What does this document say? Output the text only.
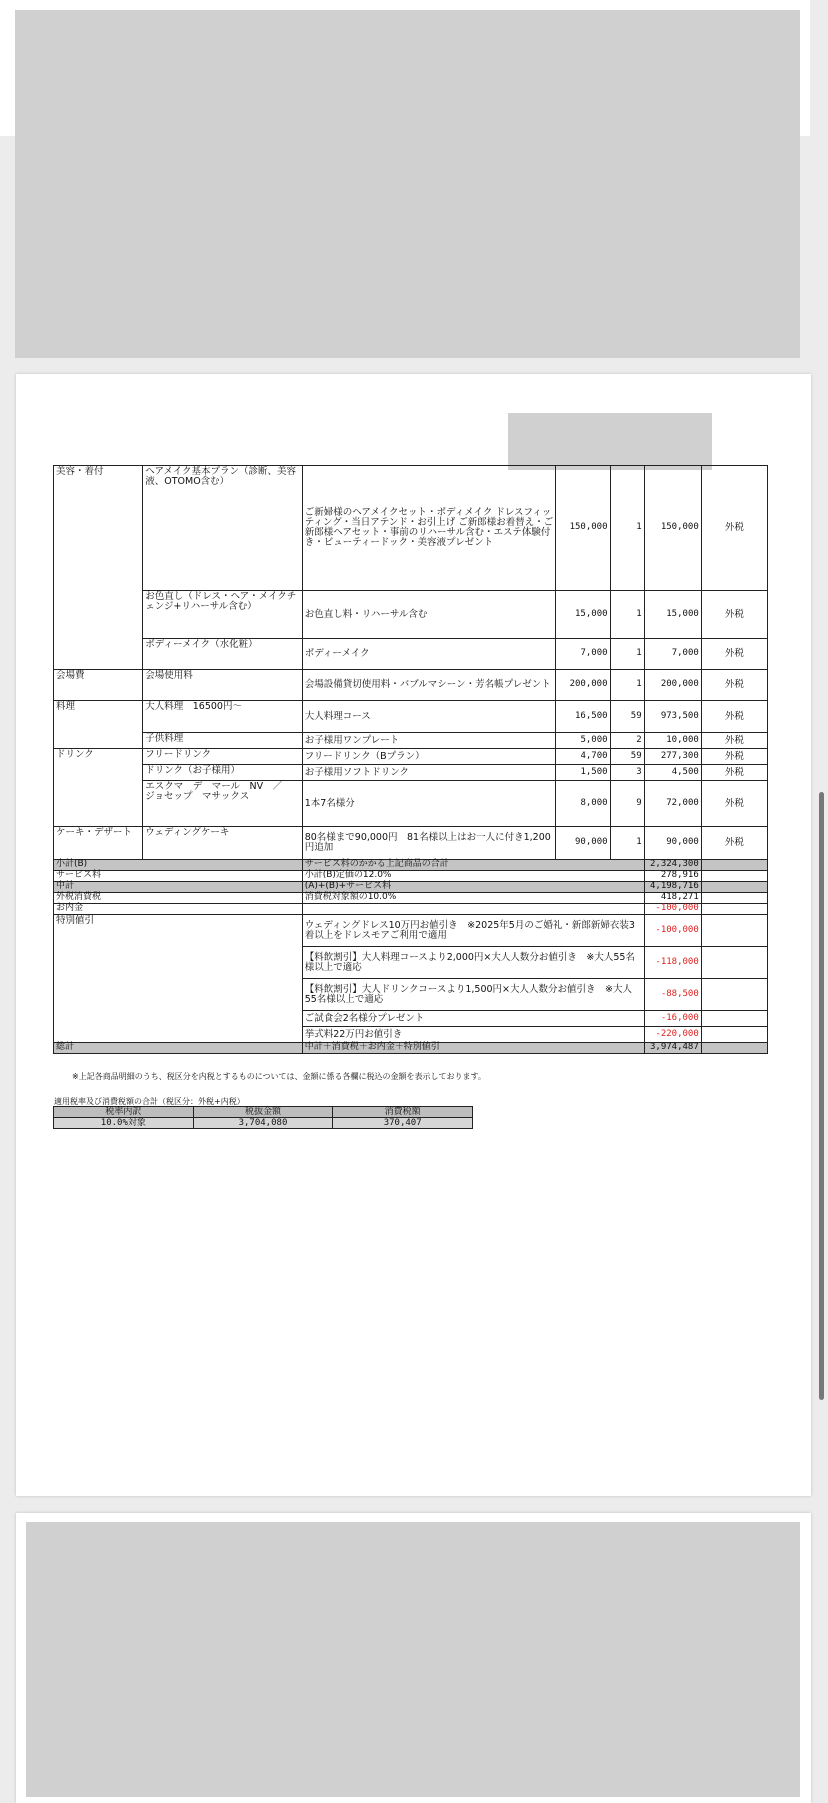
美容・着付	ヘアメイク基本プラン（診断、美容液、OTOMO含む）	ご新婦様のヘアメイクセット・ボディメイク ドレスフィッティング・当日アテンド・お引上げ ご新郎様お着替え・ご新郎様ヘアセット・事前のリハーサル含む・エステ体験付き・ビューティードック・美容液プレゼント	150,000	1	150,000	外税
	お色直し（ドレス・ヘア・メイクチェンジ+リハーサル含む）	お色直し料・リハーサル含む	15,000	1	15,000	外税
	ボディーメイク（水化粧）	ボディーメイク	7,000	1	7,000	外税
会場費	会場使用料	会場設備貸切使用料・バブルマシーン・芳名帳プレゼント	200,000	1	200,000	外税
料理	大人料理　16500円～	大人料理コース	16,500	59	973,500	外税
	子供料理	お子様用ワンプレート	5,000	2	10,000	外税
ドリンク	フリードリンク	フリードリンク（Bプラン）	4,700	59	277,300	外税
	ドリンク（お子様用）	お子様用ソフトドリンク	1,500	3	4,500	外税
	エスクマ　デ　マール　NV　／　ジョセップ　マサックス	1本7名様分	8,000	9	72,000	外税
ケーキ・デザート	ウェディングケーキ	80名様まで90,000円　81名様以上はお一人に付き1,200円追加	90,000	1	90,000	外税
小計(B)		サービス料のかかる上記商品の合計			2,324,300	
サービス料		小計(B)定価の12.0%			278,916	
中計		(A)+(B)+サービス料			4,198,716	
外税消費税		消費税対象額の10.0%			418,271	
お内金					-100,000	
特別値引		ウェディングドレス10万円お値引き　※2025年5月のご婚礼・新郎新婦衣装3着以上をドレスモアご利用で適用			-100,000	
		【料飲割引】大人料理コースより2,000円×大人人数分お値引き　※大人55名様以上で適応			-118,000	
		【料飲割引】大人ドリンクコースより1,500円×大人人数分お値引き　※大人55名様以上で適応			-88,500	
		ご試食会2名様分プレゼント			-16,000	
		挙式料22万円お値引き			-220,000	
総計		中計＋消費税＋お内金＋特別値引			3,974,487	
※上記各商品明細のうち、税区分を内税とするものについては、金額に係る各欄に税込の金額を表示しております。
適用税率及び消費税額の合計（税区分：外税+内税）
税率内訳	税抜金額	消費税額
10.0%対象	3,704,080	370,407
